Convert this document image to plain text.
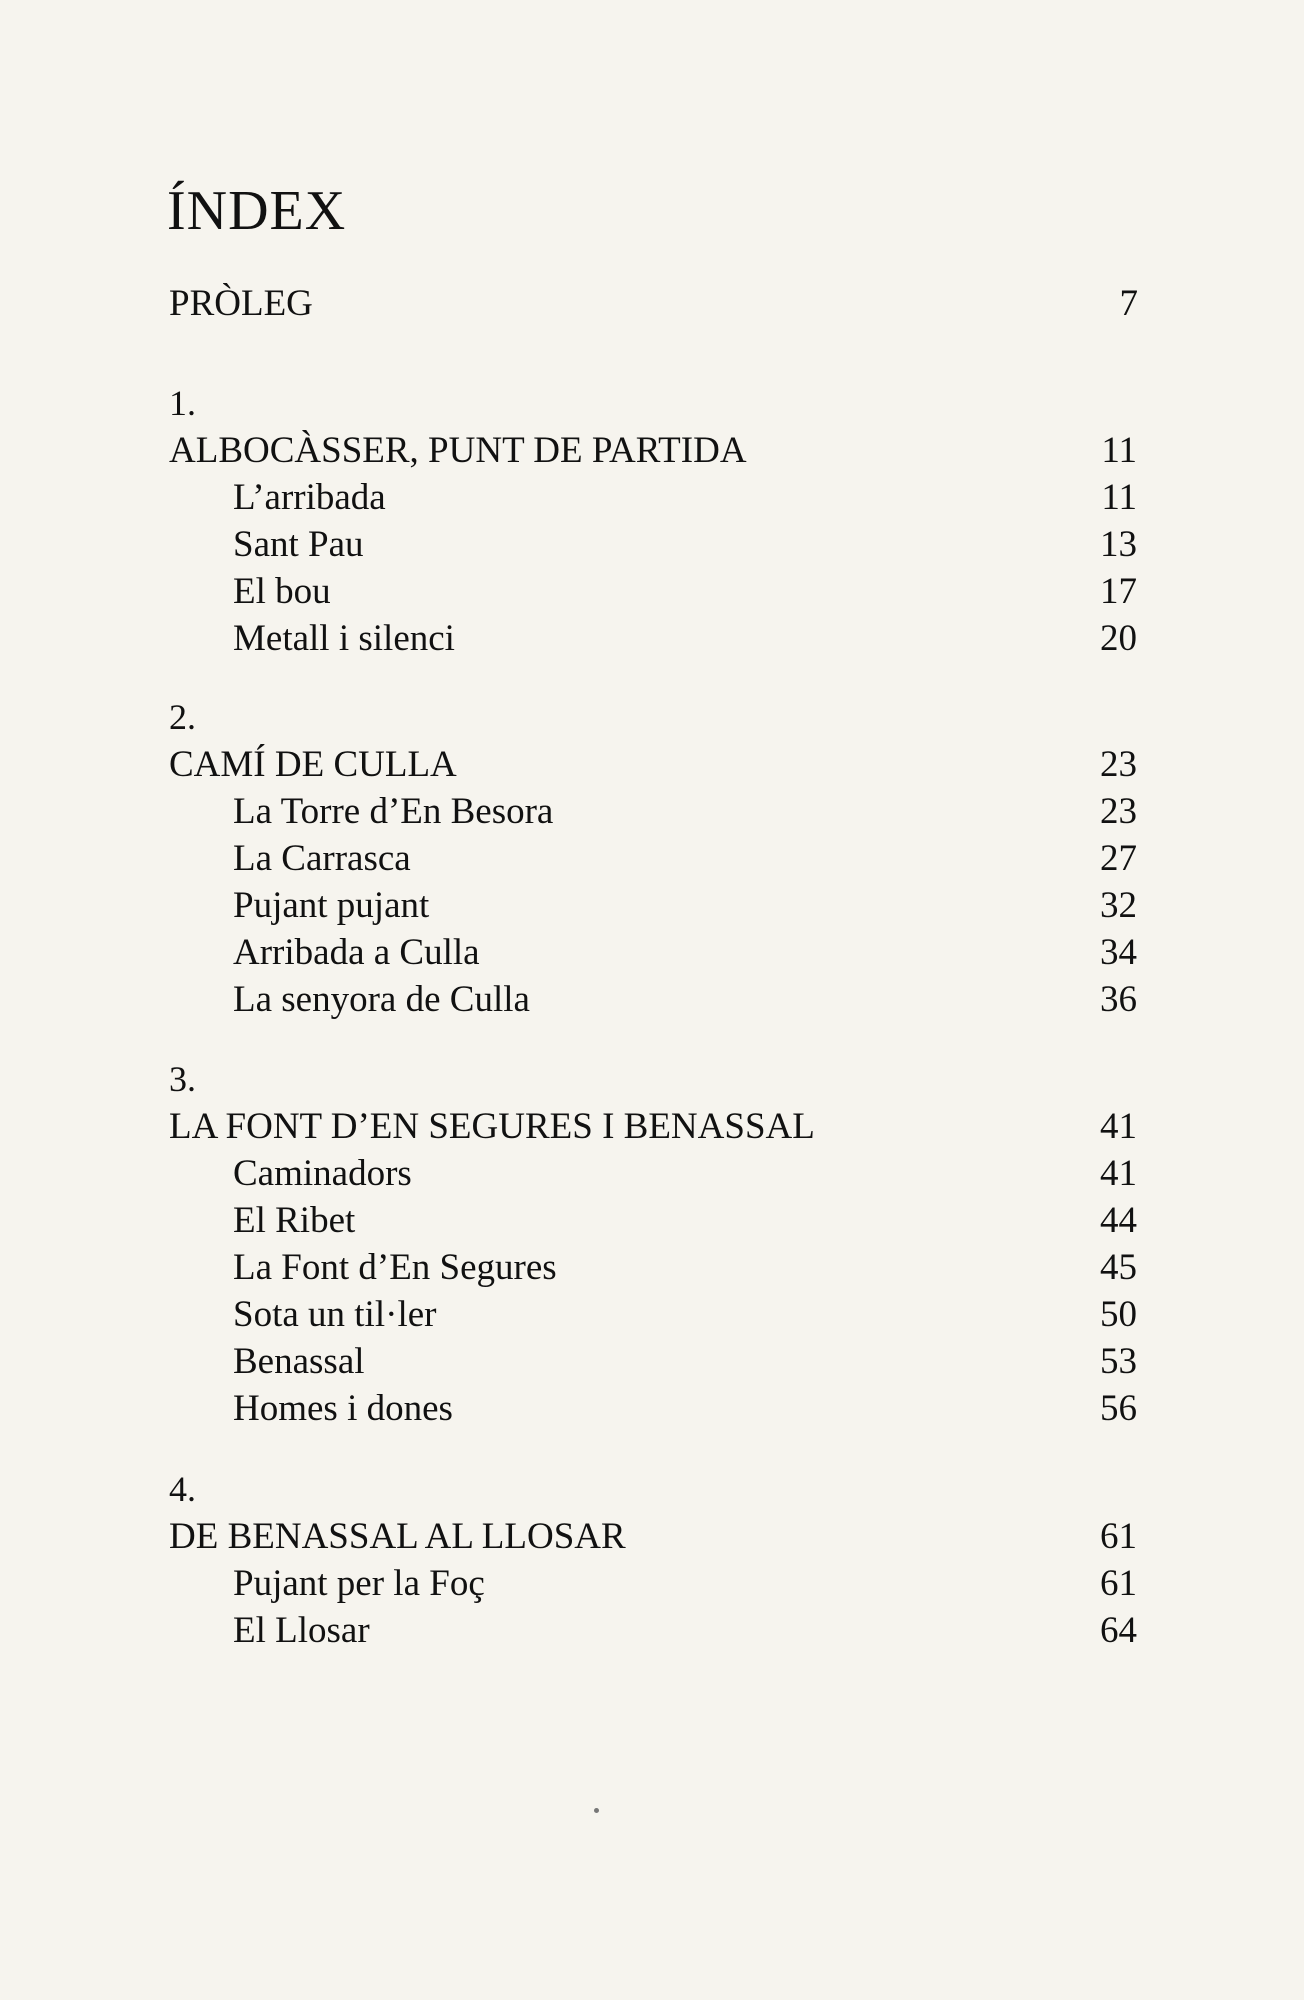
ÍNDEX
PRÒLEG	7
1.
ALBOCÀSSER, PUNT DE PARTIDA	11
L’arribada	11
Sant Pau	13
El bou	17
Metall i silenci	20
2.
CAMÍ DE CULLA	23
La Torre d’En Besora	23
La Carrasca	27
Pujant pujant	32
Arribada a Culla	34
La senyora de Culla	36
3.
LA FONT D’EN SEGURES I BENASSAL	41
Caminadors	41
El Ribet	44
La Font d’En Segures	45
Sota un til·ler	50
Benassal	53
Homes i dones	56
4.
DE BENASSAL AL LLOSAR	61
Pujant per la Foç	61
El Llosar	64
